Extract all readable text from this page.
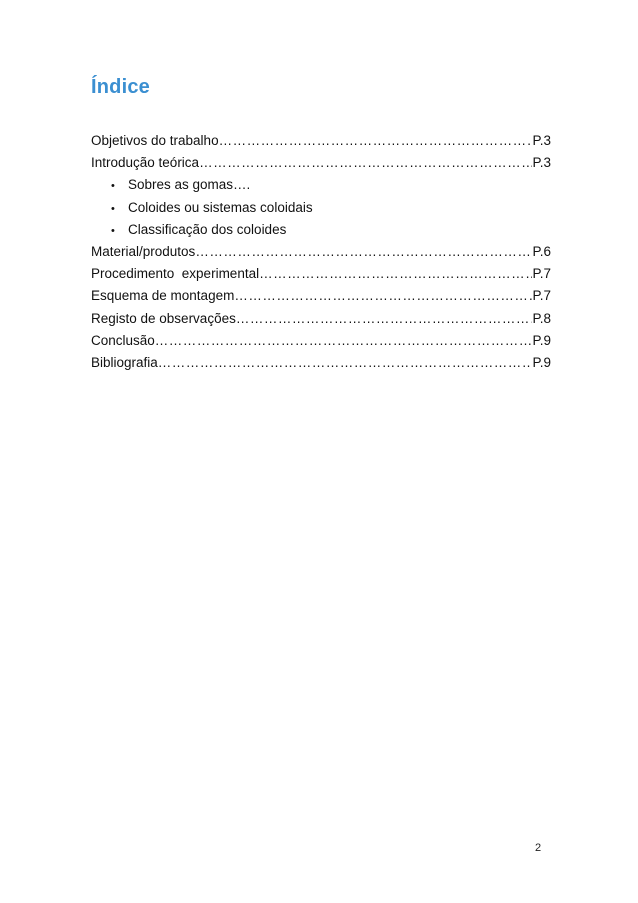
Índice
Objetivos do trabalho ……………………………………………………………………………………………………………………………………………………………………	P.3
Introdução teórica ……………………………………………………………………………………………………………………………………………………………………	P.3
• Sobres as gomas….
• Coloides ou sistemas coloidais
• Classificação dos coloides
Material/produtos ……………………………………………………………………………………………………………………………………………………………………	P.6
Procedimento  experimental ……………………………………………………………………………………………………………………………………………………………………	P.7
Esquema de montagem ……………………………………………………………………………………………………………………………………………………………………	P.7
Registo de observações ……………………………………………………………………………………………………………………………………………………………………	P.8
Conclusão ……………………………………………………………………………………………………………………………………………………………………	P.9
Bibliografia ……………………………………………………………………………………………………………………………………………………………………	P.9
2
